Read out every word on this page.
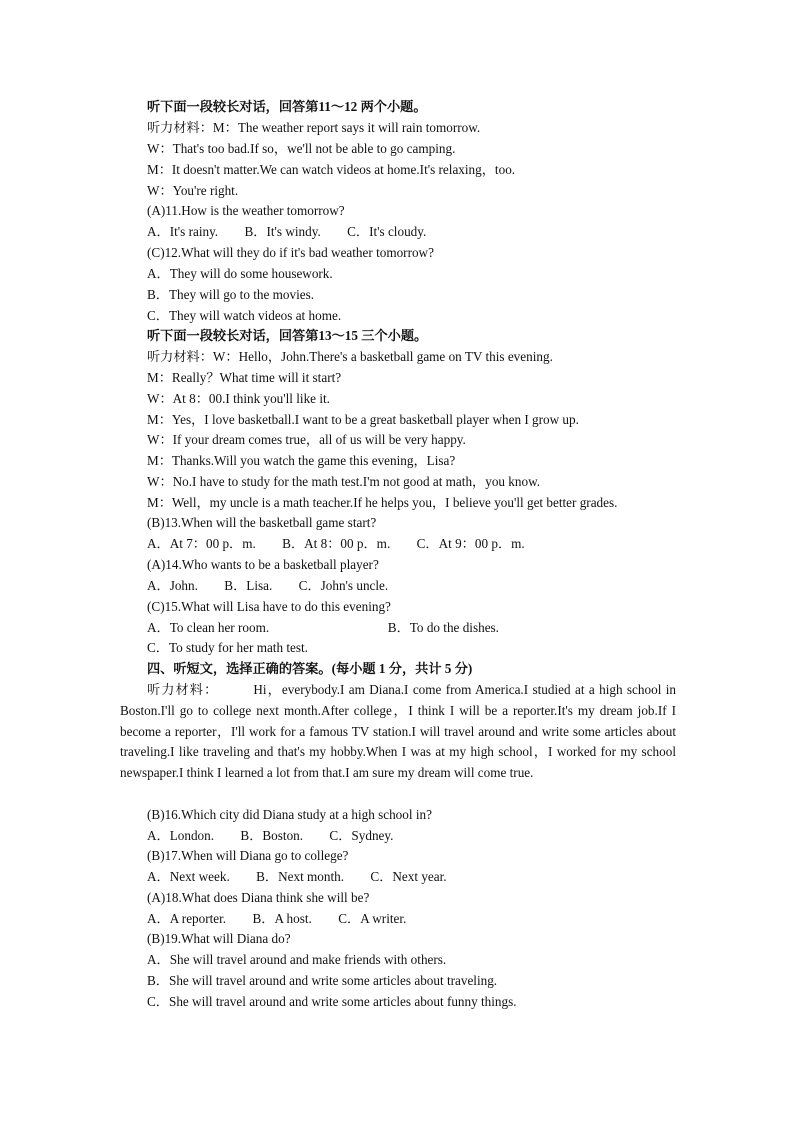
听下面一段较长对话，回答第11～12 两个小题。
听力材料：M：The weather report says it will rain tomorrow.
W：That's too bad.If so，we'll not be able to go camping.
M：It doesn't matter.We can watch videos at home.It's relaxing，too.
W：You're right.
(A)11.How is the weather tomorrow?
A．It's rainy.        B．It's windy.        C．It's cloudy.
(C)12.What will they do if it's bad weather tomorrow?
A．They will do some housework.
B．They will go to the movies.
C．They will watch videos at home.
听下面一段较长对话，回答第13～15 三个小题。
听力材料：W：Hello，John.There's a basketball game on TV this evening.
M：Really？What time will it start?
W：At 8：00.I think you'll like it.
M：Yes，I love basketball.I want to be a great basketball player when I grow up.
W：If your dream comes true，all of us will be very happy.
M：Thanks.Will you watch the game this evening，Lisa?
W：No.I have to study for the math test.I'm not good at math，you know.
M：Well，my uncle is a math teacher.If he helps you，I believe you'll get better grades.
(B)13.When will the basketball game start?
A．At 7：00 p．m.        B．At 8：00 p．m.        C．At 9：00 p．m.
(A)14.Who wants to be a basketball player?
A．John.        B．Lisa.        C．John's uncle.
(C)15.What will Lisa have to do this evening?
A．To clean her room.                                    B．To do the dishes.
C．To study for her math test.
四、听短文，选择正确的答案。(每小题 1 分，共计 5 分)
听力材料：        Hi，everybody.I am Diana.I come from America.I studied at a high school in Boston.I'll go to college next month.After college，I think I will be a reporter.It's my dream job.If I become a reporter，I'll work for a famous TV station.I will travel around and write some articles about traveling.I like traveling and that's my hobby.When I was at my high school，I worked for my school newspaper.I think I learned a lot from that.I am sure my dream will come true.
(B)16.Which city did Diana study at a high school in?
A．London.        B．Boston.        C．Sydney.
(B)17.When will Diana go to college?
A．Next week.        B．Next month.        C．Next year.
(A)18.What does Diana think she will be?
A．A reporter.        B．A host.        C．A writer.
(B)19.What will Diana do?
A．She will travel around and make friends with others.
B．She will travel around and write some articles about traveling.
C．She will travel around and write some articles about funny things.
